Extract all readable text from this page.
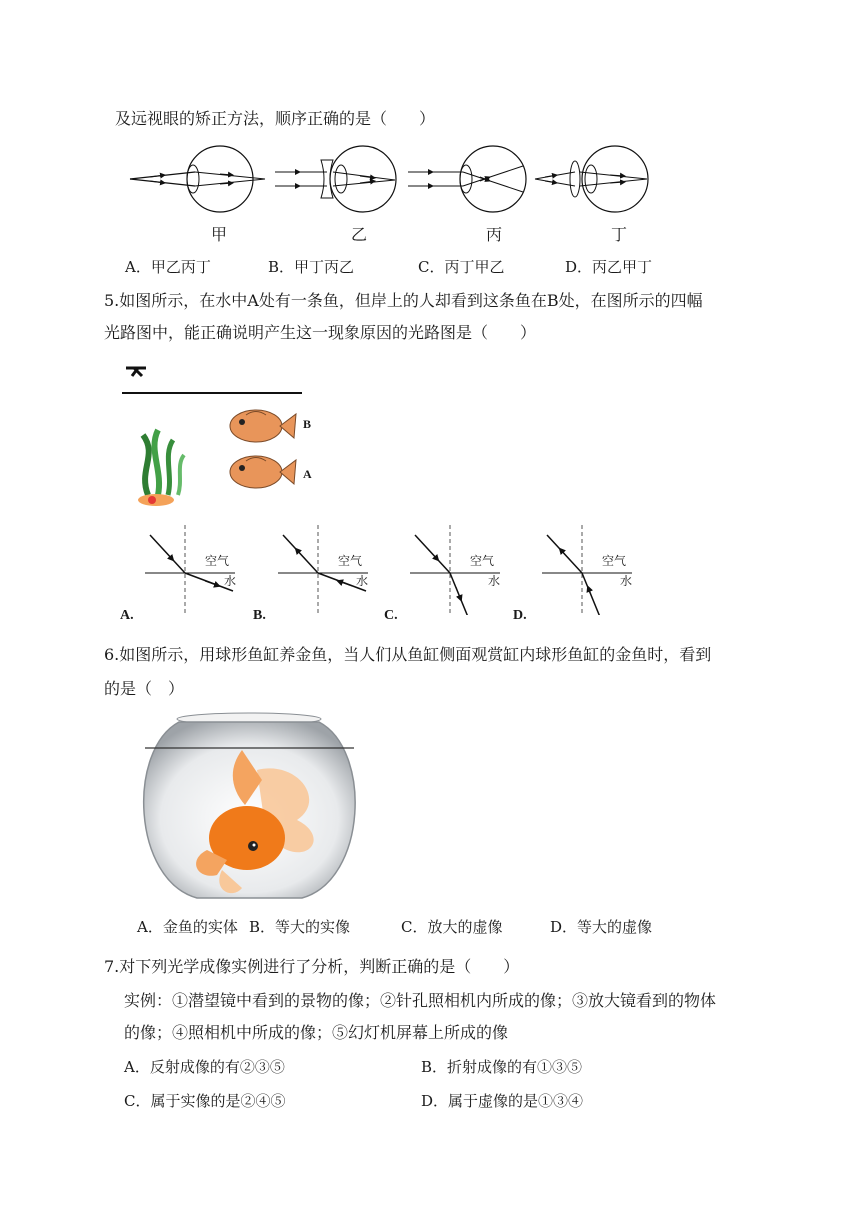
及远视眼的矫正方法，顺序正确的是（　　）
甲	乙	丙	丁
A．甲乙丙丁	B．甲丁丙乙	C．丙丁甲乙	D．丙乙甲丁
5.如图所示，在水中A处有一条鱼，但岸上的人却看到这条鱼在B处，在图所示的四幅
光路图中，能正确说明产生这一现象原因的光路图是（　　）
B
A
空气
水
空气
水
空气
水
空气
水
A.	B.	C.	D.
6.如图所示，用球形鱼缸养金鱼，当人们从鱼缸侧面观赏缸内球形鱼缸的金鱼时，看到
的是（　）
A．金鱼的实体 B．等大的实像	C．放大的虚像	D．等大的虚像
7.对下列光学成像实例进行了分析，判断正确的是（　　）
实例：①潜望镜中看到的景物的像；②针孔照相机内所成的像；③放大镜看到的物体
的像；④照相机中所成的像；⑤幻灯机屏幕上所成的像
A．反射成像的有②③⑤	B．折射成像的有①③⑤
C．属于实像的是②④⑤	D．属于虚像的是①③④
